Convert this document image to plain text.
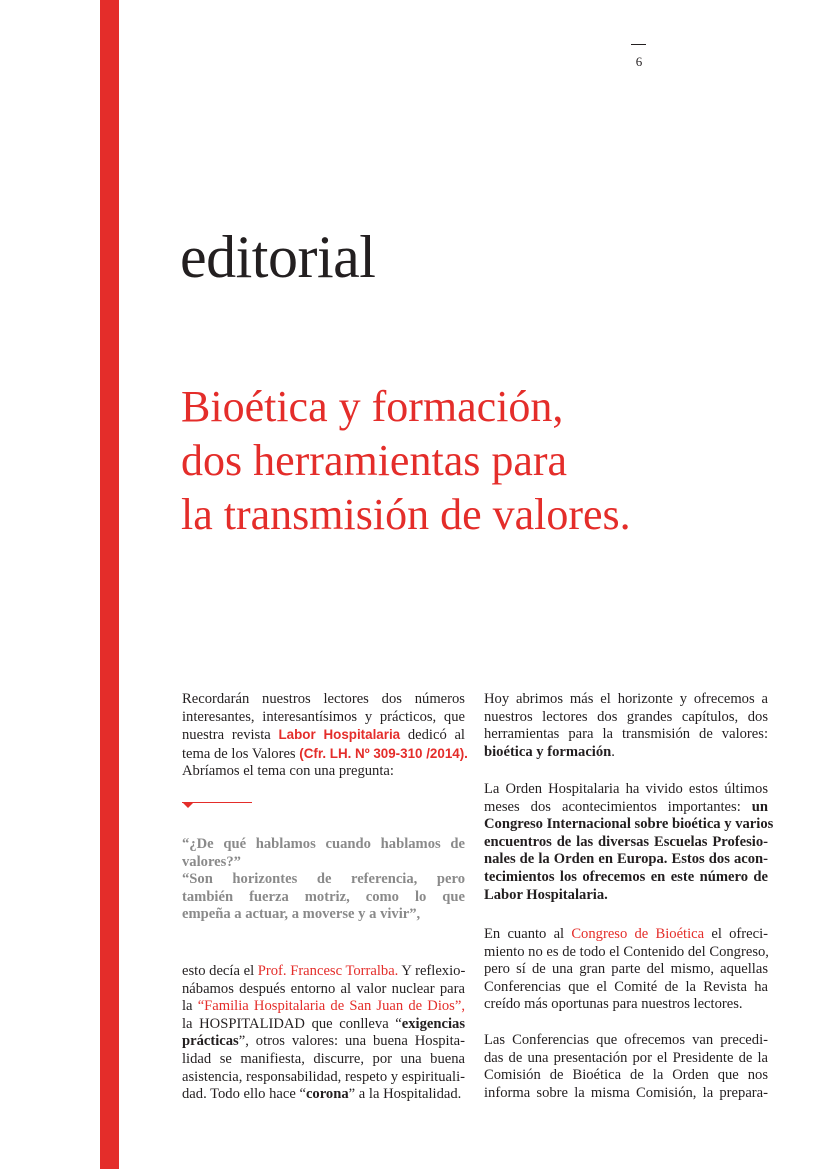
6
editorial
Bioética y formación,
dos herramientas para
la transmisión de valores.
Recordarán nuestros lectores dos números
interesantes, interesantísimos y prácticos, que
nuestra revista Labor Hospitalaria dedicó al
tema de los Valores (Cfr. LH. Nº 309-310 /2014).
Abríamos el tema con una pregunta:
“¿De qué hablamos cuando hablamos de
valores?”
“Son horizontes de referencia, pero
también fuerza motriz, como lo que
empeña a actuar, a moverse y a vivir”,
esto decía el Prof. Francesc Torralba. Y reflexio-
nábamos después entorno al valor nuclear para
la “Familia Hospitalaria de San Juan de Dios”,
la HOSPITALIDAD que conlleva “exigencias
prácticas”, otros valores: una buena Hospita-
lidad se manifiesta, discurre, por una buena
asistencia, responsabilidad, respeto y espirituali-
dad. Todo ello hace “corona” a la Hospitalidad.
Hoy abrimos más el horizonte y ofrecemos a
nuestros lectores dos grandes capítulos, dos
herramientas para la transmisión de valores:
bioética y formación.
La Orden Hospitalaria ha vivido estos últimos
meses dos acontecimientos importantes: un
Congreso Internacional sobre bioética y varios
encuentros de las diversas Escuelas Profesio-
nales de la Orden en Europa. Estos dos acon-
tecimientos los ofrecemos en este número de
Labor Hospitalaria.
En cuanto al Congreso de Bioética el ofreci-
miento no es de todo el Contenido del Congreso,
pero sí de una gran parte del mismo, aquellas
Conferencias que el Comité de la Revista ha
creído más oportunas para nuestros lectores.
Las Conferencias que ofrecemos van precedi-
das de una presentación por el Presidente de la
Comisión de Bioética de la Orden que nos
informa sobre la misma Comisión, la prepara-
